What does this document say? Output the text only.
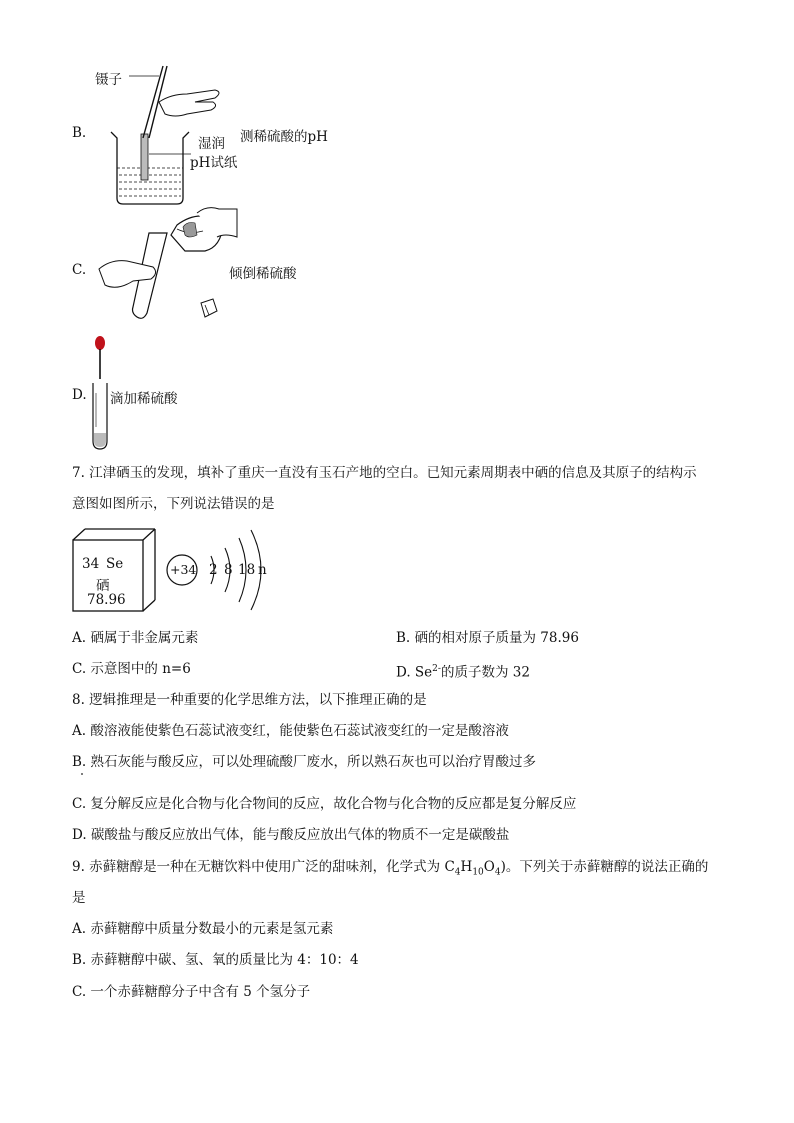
B.
镊子
湿润
pH试纸
测稀硫酸的pH
C.	倾倒稀硫酸
D. 滴加稀硫酸
7. 江津硒玉的发现，填补了重庆一直没有玉石产地的空白。已知元素周期表中硒的信息及其原子的结构示
意图如图所示，下列说法错误的是
34 Se
硒
78.96
+34 2 8 18 n
A. 硒属于非金属元素	B. 硒的相对原子质量为 78.96
C. 示意图中的 n=6	D. $Se^{2-}$的质子数为 32
8. 逻辑推理是一种重要的化学思维方法，以下推理正确的是
A. 酸溶液能使紫色石蕊试液变红，能使紫色石蕊试液变红的一定是酸溶液
B. 熟石灰能与酸反应，可以处理硫酸厂废水，所以熟石灰也可以治疗胃酸过多
C. 复分解反应是化合物与化合物间的反应，故化合物与化合物的反应都是复分解反应
D. 碳酸盐与酸反应放出气体，能与酸反应放出气体的物质不一定是碳酸盐
9. 赤藓糖醇是一种在无糖饮料中使用广泛的甜味剂，化学式为 $C_4H_{10}O_4$)。下列关于赤藓糖醇的说法正确的
是
A. 赤藓糖醇中质量分数最小的元素是氢元素
B. 赤藓糖醇中碳、氢、氧的质量比为 4：10：4
C. 一个赤藓糖醇分子中含有 5 个氢分子
